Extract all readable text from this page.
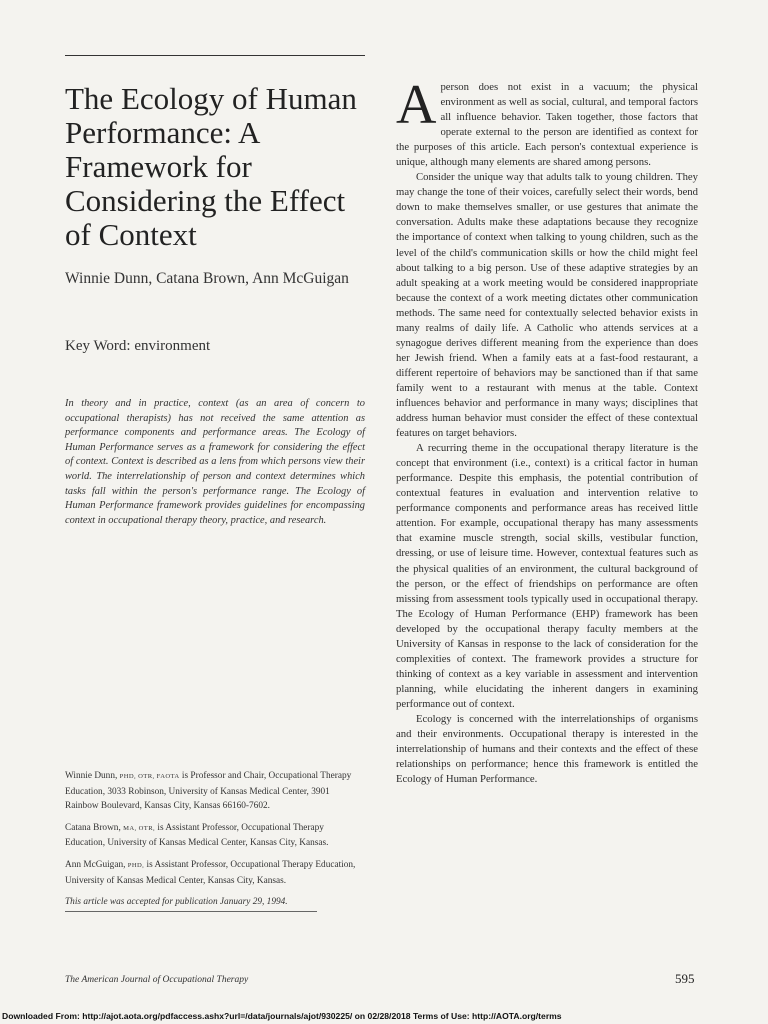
The Ecology of Human Performance: A Framework for Considering the Effect of Context
Winnie Dunn, Catana Brown, Ann McGuigan
Key Word: environment

In theory and in practice, context (as an area of concern to occupational therapists) has not received the same attention as performance components and performance areas. The Ecology of Human Performance serves as a framework for considering the effect of context. Context is described as a lens from which persons view their world. The interrelationship of person and context determines which tasks fall within the person's performance range. The Ecology of Human Performance framework provides guidelines for encompassing context in occupational therapy theory, practice, and research.

Winnie Dunn, PHD, OTR, FAOTA is Professor and Chair, Occupational Therapy Education, 3033 Robinson, University of Kansas Medical Center, 3901 Rainbow Boulevard, Kansas City, Kansas 66160-7602.

Catana Brown, MA, OTR, is Assistant Professor, Occupational Therapy Education, University of Kansas Medical Center, Kansas City, Kansas.

Ann McGuigan, PHD, is Assistant Professor, Occupational Therapy Education, University of Kansas Medical Center, Kansas City, Kansas.

This article was accepted for publication January 29, 1994.

A person does not exist in a vacuum; the physical environment as well as social, cultural, and temporal factors all influence behavior. Taken together, those factors that operate external to the person are identified as context for the purposes of this article. Each person's contextual experience is unique, although many elements are shared among persons.

Consider the unique way that adults talk to young children. They may change the tone of their voices, carefully select their words, bend down to make themselves smaller, or use gestures that animate the conversation. Adults make these adaptations because they recognize the importance of context when talking to young children, such as the level of the child's communication skills or how the child might feel about talking to a big person. Use of these adaptive strategies by an adult speaking at a work meeting would be considered inappropriate because the context of a work meeting dictates other communication methods. The same need for contextually selected behavior exists in many realms of daily life. A Catholic who attends services at a synagogue derives different meaning from the experience than does her Jewish friend. When a family eats at a fast-food restaurant, a different repertoire of behaviors may be sanctioned than if that same family went to a restaurant with menus at the table. Context influences behavior and performance in many ways; disciplines that address human behavior must consider the effect of these contextual features on target behaviors.

A recurring theme in the occupational therapy literature is the concept that environment (i.e., context) is a critical factor in human performance. Despite this emphasis, the potential contribution of contextual features in evaluation and intervention relative to performance components and performance areas has received little attention. For example, occupational therapy has many assessments that examine muscle strength, social skills, vestibular function, dressing, or use of leisure time. However, contextual features such as the physical qualities of an environment, the cultural background of the person, or the effect of friendships on performance are often missing from assessment tools typically used in occupational therapy. The Ecology of Human Performance (EHP) framework has been developed by the occupational therapy faculty members at the University of Kansas in response to the lack of consideration for the complexities of context. The framework provides a structure for thinking of context as a key variable in assessment and intervention planning, while elucidating the inherent dangers in examining performance out of context.

Ecology is concerned with the interrelationships of organisms and their environments. Occupational therapy is interested in the interrelationship of humans and their contexts and the effect of these relationships on performance; hence this framework is entitled the Ecology of Human Performance.

The American Journal of Occupational Therapy	595
Downloaded From: http://ajot.aota.org/pdfaccess.ashx?url=/data/journals/ajot/930225/ on 02/28/2018 Terms of Use: http://AOTA.org/terms
